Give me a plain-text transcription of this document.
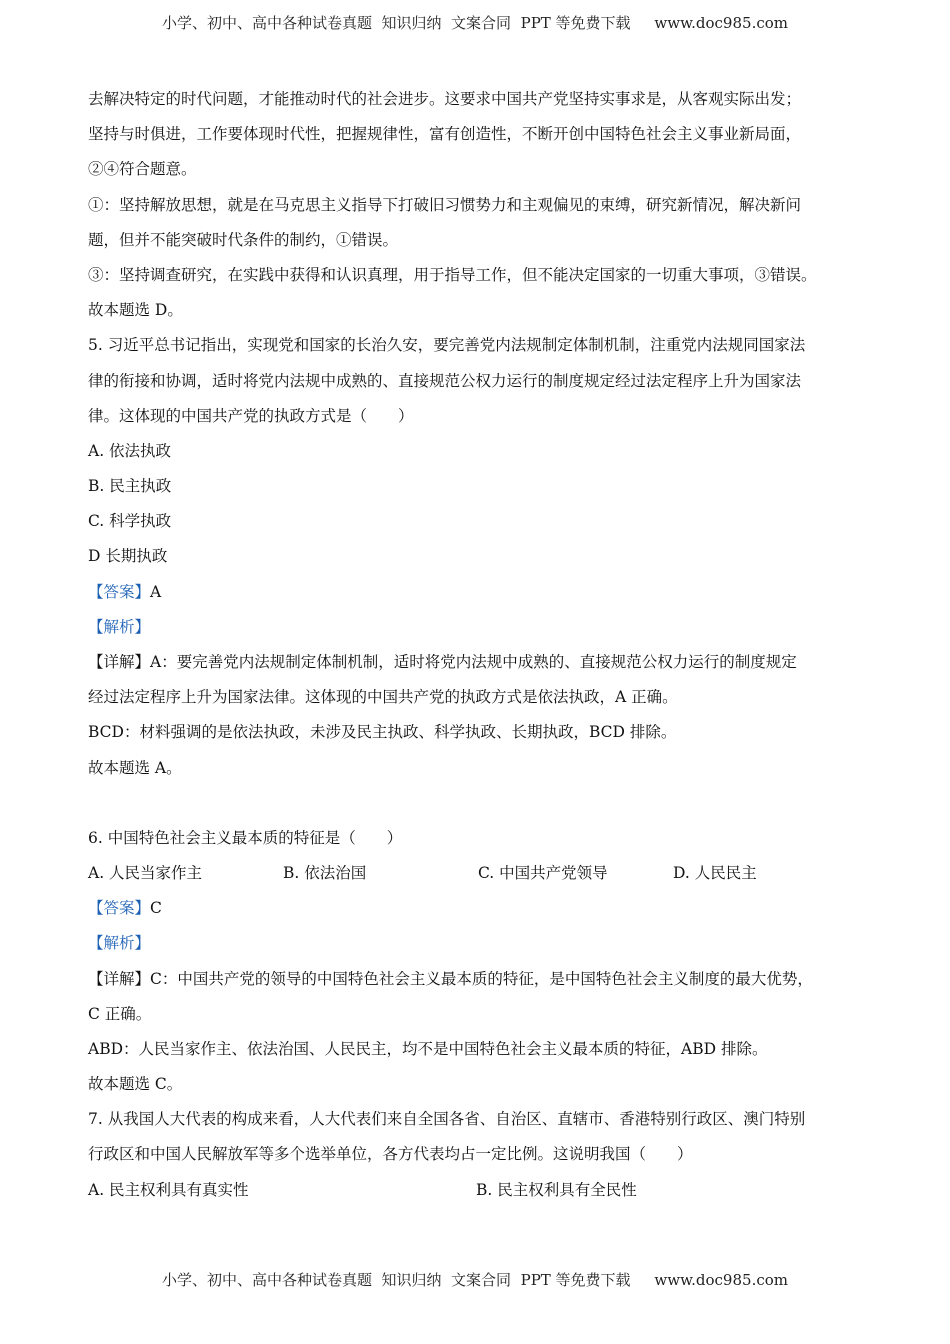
小学、初中、高中各种试卷真题  知识归纳  文案合同  PPT 等免费下载     www.doc985.com
去解决特定的时代问题，才能推动时代的社会进步。这要求中国共产党坚持实事求是，从客观实际出发；
坚持与时俱进，工作要体现时代性，把握规律性，富有创造性，不断开创中国特色社会主义事业新局面，
②④符合题意。
①：坚持解放思想，就是在马克思主义指导下打破旧习惯势力和主观偏见的束缚，研究新情况，解决新问
题，但并不能突破时代条件的制约，①错误。
③：坚持调查研究，在实践中获得和认识真理，用于指导工作，但不能决定国家的一切重大事项，③错误。
故本题选 D。
5. 习近平总书记指出，实现党和国家的长治久安，要完善党内法规制定体制机制，注重党内法规同国家法
律的衔接和协调，适时将党内法规中成熟的、直接规范公权力运行的制度规定经过法定程序上升为国家法
律。这体现的中国共产党的执政方式是（　　）
A. 依法执政
B. 民主执政
C. 科学执政
D 长期执政
【答案】A
【解析】
【详解】A：要完善党内法规制定体制机制，适时将党内法规中成熟的、直接规范公权力运行的制度规定
经过法定程序上升为国家法律。这体现的中国共产党的执政方式是依法执政，A 正确。
BCD：材料强调的是依法执政，未涉及民主执政、科学执政、长期执政，BCD 排除。
故本题选 A。
6. 中国特色社会主义最本质的特征是（　　）
A. 人民当家作主	B. 依法治国	C. 中国共产党领导	D. 人民民主
【答案】C
【解析】
【详解】C：中国共产党的领导的中国特色社会主义最本质的特征，是中国特色社会主义制度的最大优势，
C 正确。
ABD：人民当家作主、依法治国、人民民主，均不是中国特色社会主义最本质的特征，ABD 排除。
故本题选 C。
7. 从我国人大代表的构成来看，人大代表们来自全国各省、自治区、直辖市、香港特别行政区、澳门特别
行政区和中国人民解放军等多个选举单位，各方代表均占一定比例。这说明我国（　　）
A. 民主权利具有真实性	B. 民主权利具有全民性
小学、初中、高中各种试卷真题  知识归纳  文案合同  PPT 等免费下载     www.doc985.com
